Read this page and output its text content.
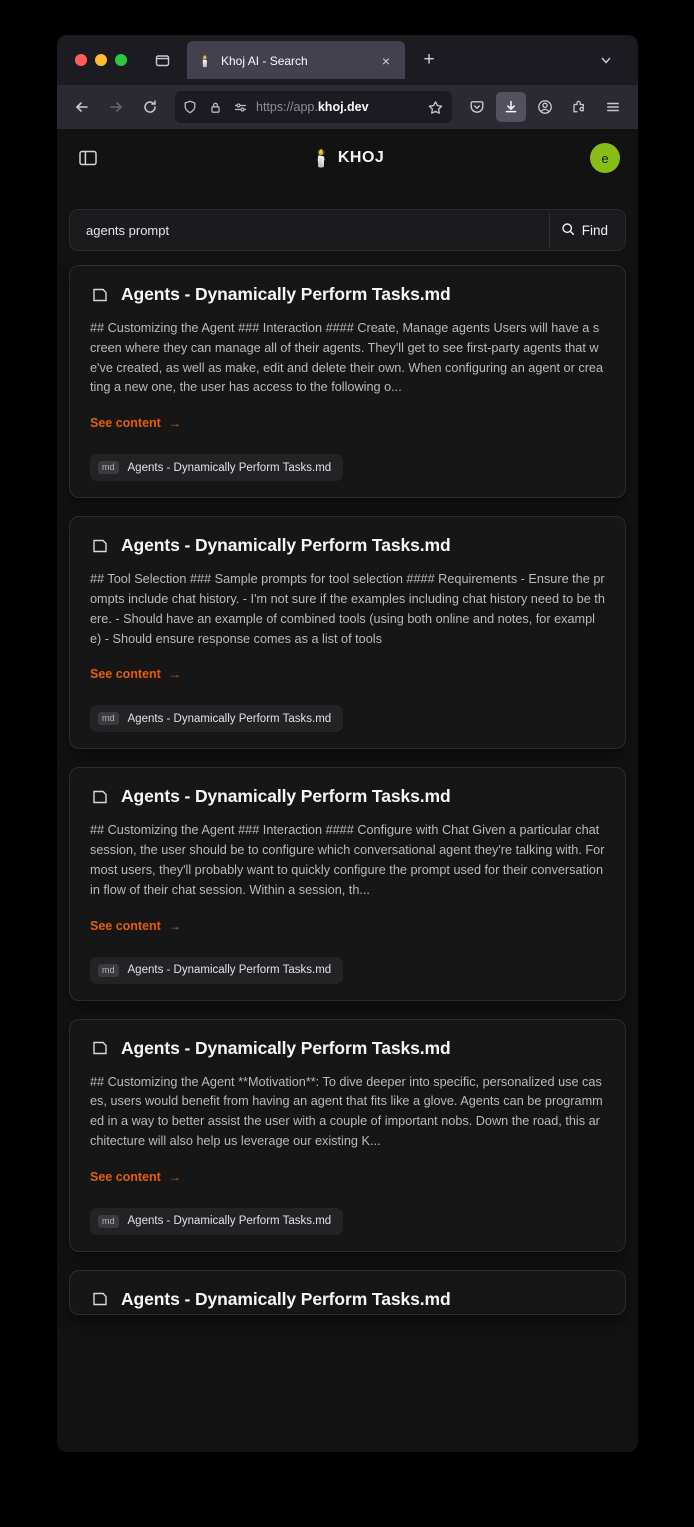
🕯️ Khoj AI - Search	×	+
https://app.khoj.dev
🕯️ KHOJ	e
agents prompt
Find
Agents - Dynamically Perform Tasks.md
## Customizing the Agent ### Interaction #### Create, Manage agents Users will have a screen where they can manage all of their agents. They'll get to see first-party agents that we've created, as well as make, edit and delete their own. When configuring an agent or creating a new one, the user has access to the following o...
See content →
md	Agents - Dynamically Perform Tasks.md
Agents - Dynamically Perform Tasks.md
## Tool Selection ### Sample prompts for tool selection #### Requirements - Ensure the prompts include chat history. - I'm not sure if the examples including chat history need to be there. - Should have an example of combined tools (using both online and notes, for example) - Should ensure response comes as a list of tools
See content →
md	Agents - Dynamically Perform Tasks.md
Agents - Dynamically Perform Tasks.md
## Customizing the Agent ### Interaction #### Configure with Chat Given a particular chat session, the user should be to configure which conversational agent they're talking with. For most users, they'll probably want to quickly configure the prompt used for their conversation in flow of their chat session. Within a session, th...
See content →
md	Agents - Dynamically Perform Tasks.md
Agents - Dynamically Perform Tasks.md
## Customizing the Agent **Motivation**: To dive deeper into specific, personalized use cases, users would benefit from having an agent that fits like a glove. Agents can be programmed in a way to better assist the user with a couple of important nobs. Down the road, this architecture will also help us leverage our existing K...
See content →
md	Agents - Dynamically Perform Tasks.md
Agents - Dynamically Perform Tasks.md
